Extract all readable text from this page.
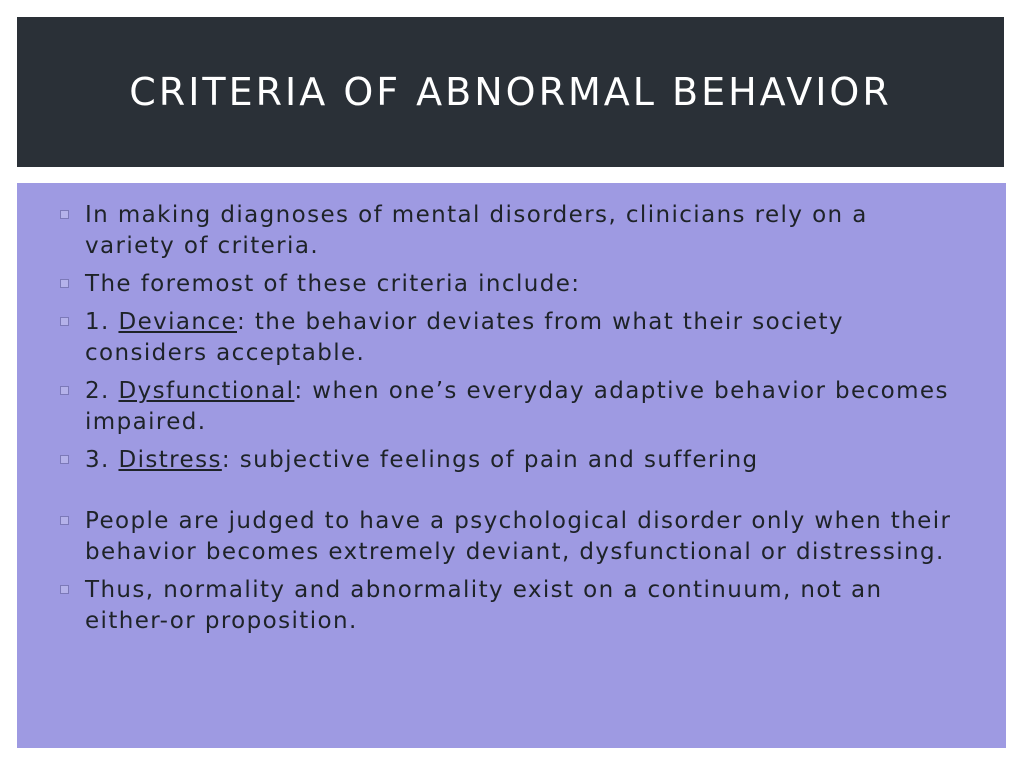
CRITERIA OF ABNORMAL BEHAVIOR
In making diagnoses of mental disorders, clinicians rely on a variety of criteria.
The foremost of these criteria include:
1. Deviance: the behavior deviates from what their society considers acceptable.
2. Dysfunctional: when one’s everyday adaptive behavior becomes impaired.
3. Distress: subjective feelings of pain and suffering
People are judged to have a psychological disorder only when their behavior becomes extremely deviant, dysfunctional or distressing.
Thus, normality and abnormality exist on a continuum, not an either-or proposition.
